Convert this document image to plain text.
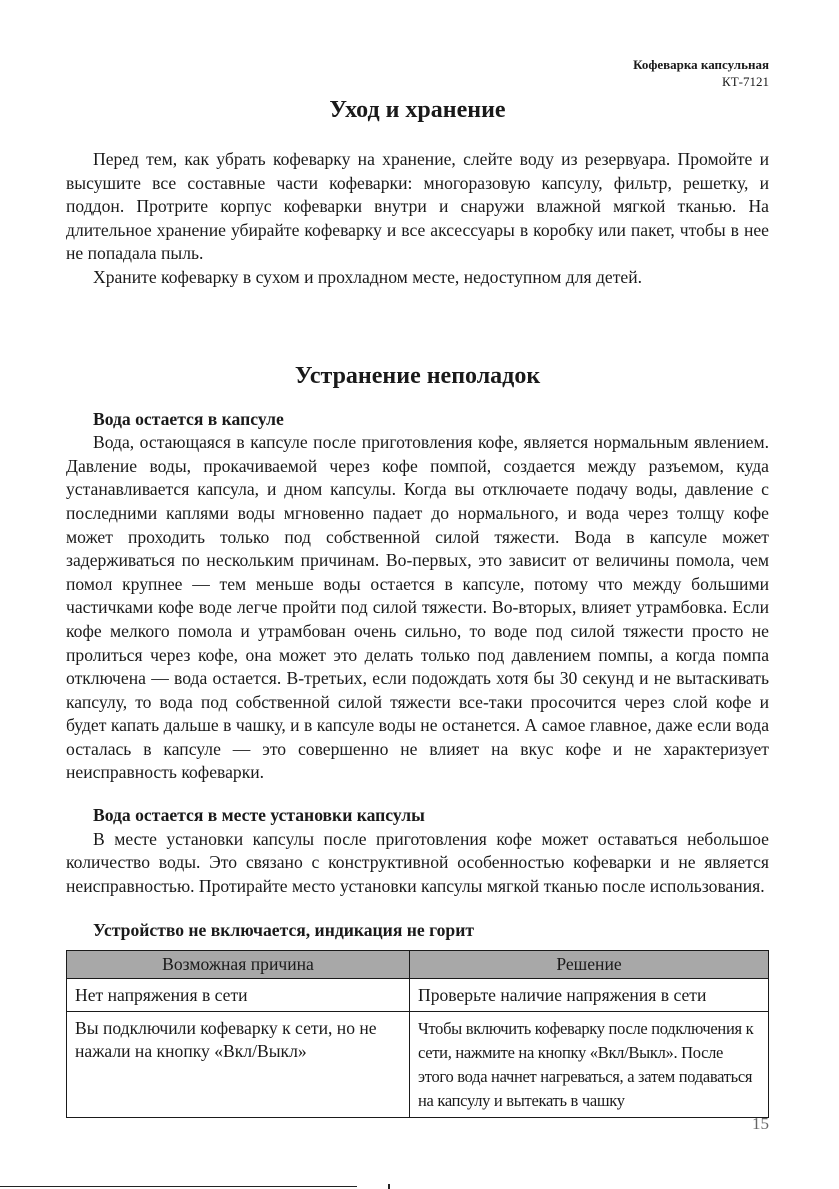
Кофеварка капсульная
КТ-7121
Уход и хранение

Перед тем, как убрать кофеварку на хранение, слейте воду из резервуара. Промойте и высушите все составные части кофеварки: многоразовую капсулу, фильтр, решетку, и поддон. Протрите корпус кофеварки внутри и снаружи влажной мягкой тканью. На длительное хранение убирайте кофеварку и все аксессуары в коробку или пакет, чтобы в нее не попадала пыль.

Храните кофеварку в сухом и прохладном месте, недоступном для детей.

Устранение неполадок
Вода остается в капсуле

Вода, остающаяся в капсуле после приготовления кофе, является нормальным явлением. Давление воды, прокачиваемой через кофе помпой, создается между разъемом, куда устанавливается капсула, и дном капсулы. Когда вы отключаете подачу воды, давление с последними каплями воды мгновенно падает до нормального, и вода через толщу кофе может проходить только под собственной силой тяжести. Вода в капсуле может задерживаться по нескольким причинам. Во-первых, это зависит от величины помола, чем помол крупнее — тем меньше воды остается в капсуле, потому что между большими частичками кофе воде легче пройти под силой тяжести. Во-вторых, влияет утрамбовка. Если кофе мелкого помола и утрамбован очень сильно, то воде под силой тяжести просто не пролиться через кофе, она может это делать только под давлением помпы, а когда помпа отключена — вода остается. В-третьих, если подождать хотя бы 30 секунд и не вытаскивать капсулу, то вода под собственной силой тяжести все-таки просочится через слой кофе и будет капать дальше в чашку, и в капсуле воды не останется. А самое главное, даже если вода осталась в капсуле — это совершенно не влияет на вкус кофе и не характеризует неисправность кофеварки.

Вода остается в месте установки капсулы

В месте установки капсулы после приготовления кофе может оставаться небольшое количество воды. Это связано с конструктивной особенностью кофеварки и не является неисправностью. Протирайте место установки капсулы мягкой тканью после использования.

Устройство не включается, индикация не горит
Возможная причина	Решение
Нет напряжения в сети	Проверьте наличие напряжения в сети
Вы подключили кофеварку к сети, но не нажали на кнопку «Вкл/Выкл»	Чтобы включить кофеварку после подключения к сети, нажмите на кнопку «Вкл/Выкл». После этого вода начнет нагреваться, а затем подаваться на капсулу и вытекать в чашку
15
